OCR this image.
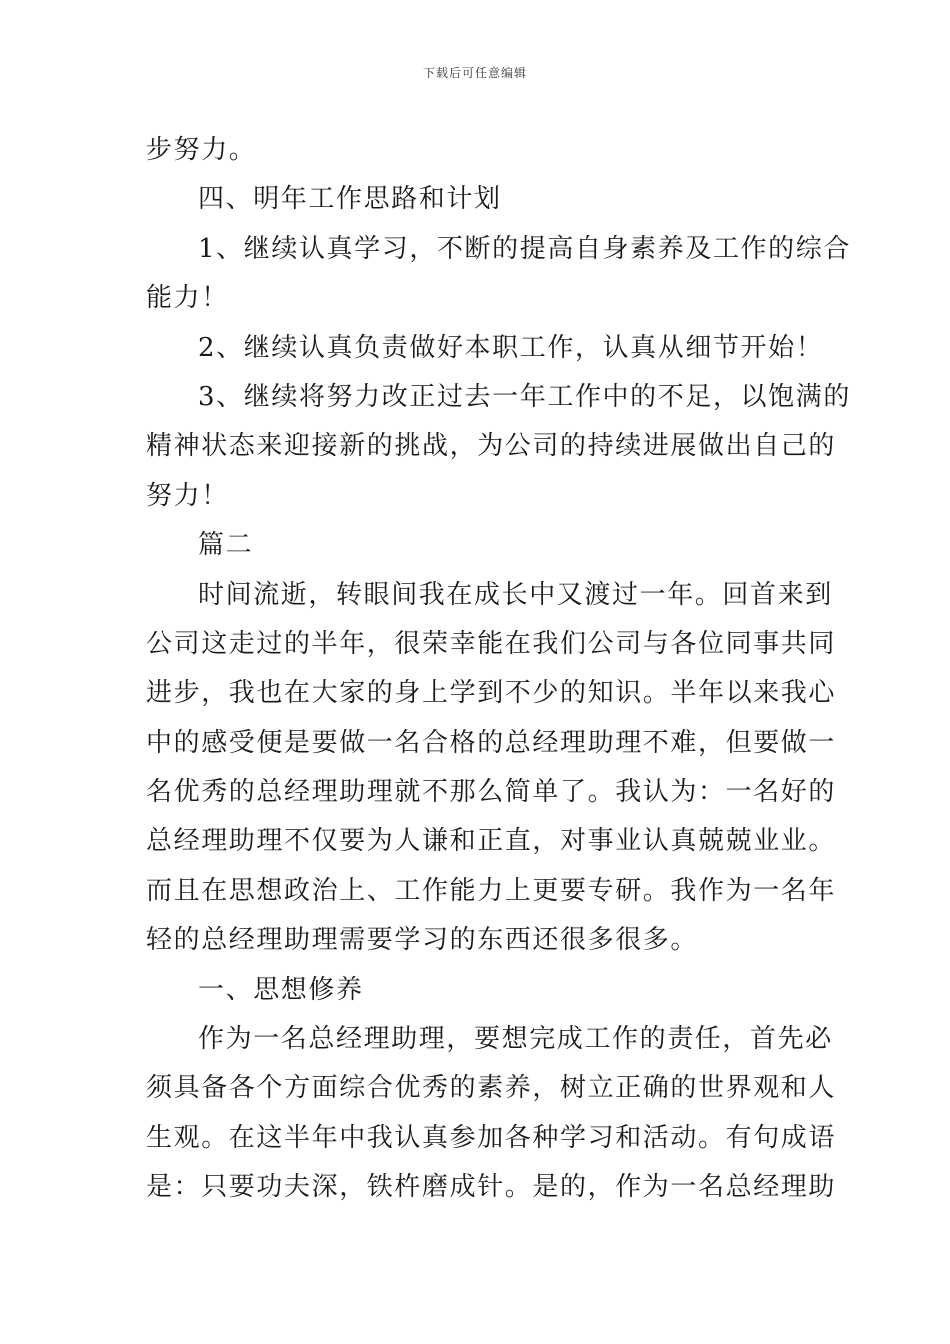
下载后可任意编辑
步努力。
四、明年工作思路和计划
1、继续认真学习，不断的提高自身素养及工作的综合
能力！
2、继续认真负责做好本职工作，认真从细节开始！
3、继续将努力改正过去一年工作中的不足，以饱满的
精神状态来迎接新的挑战，为公司的持续进展做出自己的
努力！
篇二
时间流逝，转眼间我在成长中又渡过一年。回首来到
公司这走过的半年，很荣幸能在我们公司与各位同事共同
进步，我也在大家的身上学到不少的知识。半年以来我心
中的感受便是要做一名合格的总经理助理不难，但要做一
名优秀的总经理助理就不那么简单了。我认为：一名好的
总经理助理不仅要为人谦和正直，对事业认真兢兢业业。
而且在思想政治上、工作能力上更要专研。我作为一名年
轻的总经理助理需要学习的东西还很多很多。
一、思想修养
作为一名总经理助理，要想完成工作的责任，首先必
须具备各个方面综合优秀的素养，树立正确的世界观和人
生观。在这半年中我认真参加各种学习和活动。有句成语
是：只要功夫深，铁杵磨成针。是的，作为一名总经理助
